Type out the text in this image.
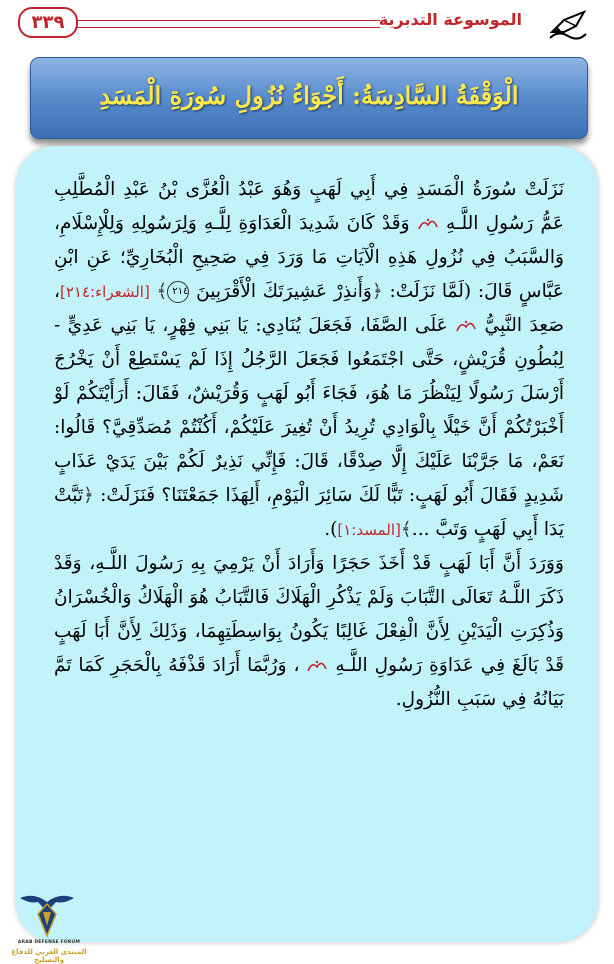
الموسوعة التدبرية
٣٣٩
الْوَقْفَةُ السَّادِسَةُ: أَجْوَاءُ نُزُولِ سُورَةِ الْمَسَدِ

نَزَلَتْ سُورَةُ الْمَسَدِ فِي أَبِي لَهَبٍ وَهُوَ عَبْدُ الْعُزَّى بْنُ عَبْدِ الْمُطَّلِبِ عَمُّ رَسُولِ اللَّـهِ  وَقَدْ كَانَ شَدِيدَ الْعَدَاوَةِ لِلَّـهِ وَلِرَسُولِهِ وَلِلْإِسْلَامِ، وَالسَّبَبُ فِي نُزُولِ هَذِهِ الْآيَاتِ مَا وَرَدَ فِي صَحِيحِ الْبُخَارِيِّ؛ عَنِ ابْنِ عَبَّاسٍ قَالَ: (لَمَّا نَزَلَتْ: ﴿وَأَنذِرْ عَشِيرَتَكَ الْأَقْرَبِينَ ٢١٤﴾ [الشعراء:٢١٤]، صَعِدَ النَّبِيُّ  عَلَى الصَّفَا، فَجَعَلَ يُنَادِي: يَا بَنِي فِهْرٍ، يَا بَنِي عَدِيٍّ - لِبُطُونِ قُرَيْشٍ، حَتَّى اجْتَمَعُوا فَجَعَلَ الرَّجُلُ إِذَا لَمْ يَسْتَطِعْ أَنْ يَخْرُجَ أَرْسَلَ رَسُولًا لِيَنْظُرَ مَا هُوَ، فَجَاءَ أَبُو لَهَبٍ وَقُرَيْشٌ، فَقَالَ: أَرَأَيْتَكُمْ لَوْ أَخْبَرْتُكُمْ أَنَّ خَيْلًا بِالْوَادِي تُرِيدُ أَنْ تُغِيرَ عَلَيْكُمْ، أَكُنْتُمْ مُصَدِّقِيَّ؟ قَالُوا: نَعَمْ، مَا جَرَّبْنَا عَلَيْكَ إِلَّا صِدْقًا، قَالَ: فَإِنِّي نَذِيرٌ لَكُمْ بَيْنَ يَدَيْ عَذَابٍ شَدِيدٍ فَقَالَ أَبُو لَهَبٍ: تَبًّا لَكَ سَائِرَ الْيَوْمِ، أَلِهَذَا جَمَعْتَنَا؟ فَنَزَلَتْ: ﴿تَبَّتْ يَدَا أَبِي لَهَبٍ وَتَبَّ ...﴾[المسد:١]).

وَوَرَدَ أَنَّ أَبَا لَهَبٍ قَدْ أَخَذَ حَجَرًا وَأَرَادَ أَنْ يَرْمِيَ بِهِ رَسُولَ اللَّـهِ، وَقَدْ ذَكَرَ اللَّـهُ تَعَالَى التَّبَابَ وَلَمْ يَذْكُرِ الْهَلَاكَ فَالتَّبَابُ هُوَ الْهَلَاكُ وَالْخُسْرَانُ وَذُكِرَتِ الْيَدَيْنِ لِأَنَّ الْفِعْلَ غَالِبًا يَكُونُ بِوَاسِطَتِهِمَا، وَذَلِكَ لِأَنَّ أَبَا لَهَبٍ قَدْ بَالَغَ فِي عَدَاوَةِ رَسُولِ اللَّـهِ  ، وَرُبَّمَا أَرَادَ قَذْفَهُ بِالْحَجَرِ كَمَا تَمَّ بَيَانُهُ فِي سَبَبِ النُّزُولِ.

ARAB DEFENSE FORUM
المنتدى العربي للدفاع والتسليح
